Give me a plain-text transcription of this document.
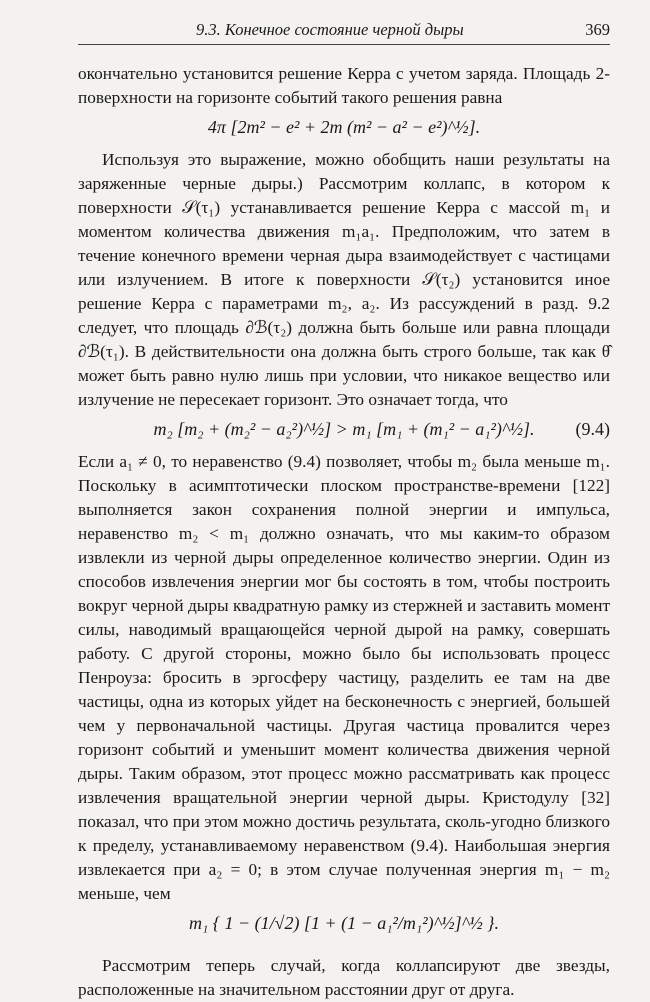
9.3. Конечное состояние черной дыры	369

окончательно установится решение Керра с учетом заряда. Площадь 2-поверхности на горизонте событий такого решения равна

4π [2m² − e² + 2m (m² − a² − e²)^½].

Используя это выражение, можно обобщить наши результаты на заряженные черные дыры.) Рассмотрим коллапс, в котором к поверхности 𝒮(τ₁) устанавливается решение Керра с массой m₁ и моментом количества движения m₁a₁. Предположим, что затем в течение конечного времени черная дыра взаимодействует с частицами или излучением. В итоге к поверхности 𝒮(τ₂) установится иное решение Керра с параметрами m₂, a₂. Из рассуждений в разд. 9.2 следует, что площадь ∂ℬ(τ₂) должна быть больше или равна площади ∂ℬ(τ₁). В действительности она должна быть строго больше, так как θ̂ может быть равно нулю лишь при условии, что никакое вещество или излучение не пересекает горизонт. Это означает тогда, что

m₂ [m₂ + (m₂² − a₂²)^½] > m₁ [m₁ + (m₁² − a₁²)^½]. (9.4)

Если a₁ ≠ 0, то неравенство (9.4) позволяет, чтобы m₂ была меньше m₁. Поскольку в асимптотически плоском пространстве-времени [122] выполняется закон сохранения полной энергии и импульса, неравенство m₂ < m₁ должно означать, что мы каким-то образом извлекли из черной дыры определенное количество энергии. Один из способов извлечения энергии мог бы состоять в том, чтобы построить вокруг черной дыры квадратную рамку из стержней и заставить момент силы, наводимый вращающейся черной дырой на рамку, совершать работу. С другой стороны, можно было бы использовать процесс Пенроуза: бросить в эргосферу частицу, разделить ее там на две частицы, одна из которых уйдет на бесконечность с энергией, большей чем у первоначальной частицы. Другая частица провалится через горизонт событий и уменьшит момент количества движения черной дыры. Таким образом, этот процесс можно рассматривать как процесс извлечения вращательной энергии черной дыры. Кристодулу [32] показал, что при этом можно достичь результата, сколь-угодно близкого к пределу, устанавливаемому неравенством (9.4). Наибольшая энергия извлекается при a₂ = 0; в этом случае полученная энергия m₁ − m₂ меньше, чем

m₁ { 1 − (1/√2) [1 + (1 − a₁²/m₁²)^½]^½ }.

Рассмотрим теперь случай, когда коллапсируют две звезды, расположенные на значительном расстоянии друг от друга.
